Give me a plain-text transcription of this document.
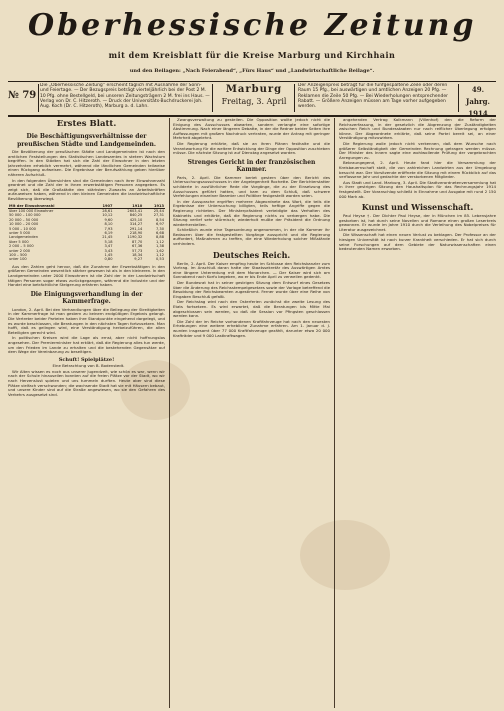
Oberhessische Zeitung
mit dem Kreisblatt für die Kreise Marburg und Kirchhain
und den Beilagen: „Nach Feierabend“, „Fürs Haus“ und „Landwirtschaftliche Beilage“.
№ 79
Die „Oberhessische Zeitung“ erscheint täglich mit Ausnahme der Sonn- und Feiertage. — Der Bezugspreis beträgt vierteljährlich bei der Post 2 M. 10 Pfg. ohne Bestellgeld, bei unseren Zeitungsträgern 2 M. frei ins Haus. — Verlag von Dr. C. Hitzeroth. — Druck der Universitäts-Buchdruckerei Joh. Aug. Koch (Dr. C. Hitzeroth), Marburg a. d. Lahn.
Marburg
Freitag, 3. April
Der Anzeigenpreis beträgt für die fünfgespaltene Zeile oder deren Raum 15 Pfg., bei auswärtigen und amtlichen Anzeigen 20 Pfg. — Reklamen die Zeile 50 Pfg. — Bei Wiederholungen entsprechender Rabatt. — Größere Anzeigen müssen am Tage vorher aufgegeben werden.
49. Jahrg.
1914
Erstes Blatt.
Die Beschäftigungsverhältnisse der preußischen Städte und Landgemeinden.

Die Bevölkerung der preußischen Städte und Landgemeinden ist nach den amtlichen Feststellungen des Statistischen Landesamtes in stetem Wachstum begriffen. In den Städten hat sich die Zahl der Einwohner in den letzten Jahrzehnten erheblich vermehrt, während die ländlichen Gemeinden teilweise einen Rückgang aufweisen. Die Ergebnisse der Berufszählung geben hierüber näheren Aufschluß.

In den folgenden Übersichten sind die Gemeinden nach ihrer Einwohnerzahl geordnet und die Zahl der in ihnen erwerbstätigen Personen angegeben. Es zeigt sich, daß die Großstädte den stärksten Zuwachs an Arbeitskräften aufzuweisen haben, während in den kleinen Gemeinden die landwirtschaftliche Bevölkerung überwiegt.

Mit der Einwohnerzahl	1907	1910	1913
über 100 000 Einwohner	28,61	2603,41	25,44
50 000 – 100 000	10,12	840,25	27,31
20 000 – 50 000	9,60	425,10	8,54
10 000 – 20 000	8,10	314,27	6,97
5 000 – 10 000	7,93	291,14	7,30
unter 5 000	6,19	218,90	6,68
Landgemeinden	21,45	1190,32	8,88
über 5 000	5,18	87,70	1,12
2 000 – 5 000	3,47	67,36	1,38
unter 2 000	3,43	57,73	1,62
100 – 500	1,45	18,34	1,12
unter 100	0,80	9,27	0,53

Aus den Zahlen geht hervor, daß die Zunahme der Erwerbstätigen in den größeren Gemeinden wesentlich stärker gewesen ist als in den kleineren. In den Landgemeinden unter 2000 Einwohnern ist die Zahl der in der Landwirtschaft tätigen Personen sogar etwas zurückgegangen, während die Industrie und der Handel eine beträchtliche Steigerung erfahren haben.

Die Einigungsverhandlung in der Kammerfrage.

London, 2. April. Bei den Verhandlungen über die Beilegung der Streitigkeiten in der Kammerfrage ist man gestern zu keinem endgültigen Ergebnis gelangt. Die Vertreter beider Parteien haben ihre Standpunkte eingehend dargelegt, und es wurde beschlossen, die Beratungen in den nächsten Tagen fortzusetzen. Man hofft, daß es gelingen wird, eine Verständigung herbeizuführen, die allen Beteiligten gerecht wird.

In politischen Kreisen wird die Lage als ernst, aber nicht hoffnungslos angesehen. Der Premierminister hat erklärt, daß die Regierung alles tun werde, um den Frieden im Lande zu erhalten und die bestehenden Gegensätze auf dem Wege der Vereinbarung zu beseitigen.

Schuft! Spielplätze!

Eine Betrachtung von B. Bodenstedt.

Wir Alten wissen es noch aus unserer Jugendzeit, wie schön es war, wenn wir nach der Schule hinauseilen konnten auf die freien Plätze vor der Stadt, wo wir nach Herzenslust spielen und uns tummeln durften. Heute aber sind diese Plätze vielfach verschwunden; die wachsende Stadt hat sie mit Häusern bebaut, und unsere Kinder sind auf die Straße angewiesen, wo sie den Gefahren des Verkehrs ausgesetzt sind.

Zwangsverwaltung zu gestellen. Die Opposition wollte jedoch nicht die Einigung des Ausschusses abwarten, sondern verlangte eine sofortige Abstimmung. Nach einer längeren Debatte, in der die Redner beider Seiten ihre Auffassungen mit großem Nachdruck vertraten, wurde der Antrag mit geringer Mehrheit abgelehnt.

Die Regierung erklärte, daß sie an ihren Plänen festhalte und die Verantwortung für die weitere Entwicklung der Dinge der Opposition zuschieben müsse. Die nächste Sitzung ist auf Dienstag angesetzt worden.

Strenges Gericht in der französischen Kammer.

Paris, 2. April. Die Kammer beriet gestern über den Bericht des Untersuchungsausschusses in der Angelegenheit Rochette. Der Berichterstatter schilderte in ausführlicher Rede die Vorgänge, die zu der Einsetzung des Ausschusses geführt hatten, und kam zu dem Schluß, daß schwere Verfehlungen einzelner Beamter und Politiker festgestellt worden seien.

In der Aussprache ergriffen mehrere Abgeordnete das Wort, die teils die Ergebnisse der Untersuchung billigten, teils heftige Angriffe gegen die Regierung richteten. Der Ministerpräsident verteidigte das Verhalten des Kabinetts und erklärte, daß die Regierung nichts zu verbergen habe. Die Sitzung verlief sehr stürmisch; wiederholt mußte der Präsident die Ordnung wiederherstellen.

Schließlich wurde eine Tagesordnung angenommen, in der die Kammer ihr Bedauern über die festgestellten Vorgänge ausspricht und die Regierung auffordert, Maßnahmen zu treffen, die eine Wiederholung solcher Mißstände verhindern.

Deutsches Reich.

Berlin, 2. April. Der Kaiser empfing heute im Schlosse den Reichskanzler zum Vortrag. Im Anschluß daran hatte der Staatssekretär des Auswärtigen Amtes eine längere Unterredung mit dem Monarchen. — Der Kaiser wird sich am Sonnabend nach Korfu begeben, wo er bis Ende April zu verweilen gedenkt.

Der Bundesrat hat in seiner gestrigen Sitzung dem Entwurf eines Gesetzes über die Änderung des Reichsstempelgesetzes sowie der Vorlage betreffend die Besoldung der Reichsbeamten zugestimmt. Ferner wurde über eine Reihe von Eingaben Beschluß gefaßt.

Der Reichstag wird nach den Osterferien zunächst die zweite Lesung des Etats fortsetzen. Es wird erwartet, daß die Beratungen bis Mitte Mai abgeschlossen sein werden, so daß die Session vor Pfingsten geschlossen werden kann.

Die Zahl der im Reiche vorhandenen Kraftfahrzeuge hat nach den neuesten Erhebungen eine weitere erhebliche Zunahme erfahren. Am 1. Januar d. J. wurden insgesamt über 77 000 Kraftfahrzeuge gezählt, darunter etwa 20 000 Krafträder und 9 000 Lastkraftwagen.

angehenden Vertrag Kolkmann (Villenhof) den die Reform der Reichsverfassung, in der gesetzlich die Abgrenzung der Zuständigkeiten zwischen Reich und Bundesstaaten nur nach reiflicher Überlegung erfolgen könne. Der Abgeordnete erklärte, daß seine Partei bereit sei, an einer Verständigung mitzuwirken.

Die Regierung wolle jedoch nicht verkennen, daß dem Wunsche nach größerer Selbständigkeit der Gemeinden Rechnung getragen werden müsse. Der Minister des Innern sagte eine wohlwollende Prüfung der vorgebrachten Anregungen zu.

Bebraungegend, 2. April. Heute fand hier die Versammlung der Kreisbauernschaft statt, die von zahlreichen Landwirten aus der Umgebung besucht war. Der Vorsitzende eröffnete die Sitzung mit einem Rückblick auf das verflossene Jahr und gedachte der verstorbenen Mitglieder.

Aus Stadt und Land. Marburg, 3. April. Die Stadtverordnetenversammlung hat in ihrer gestrigen Sitzung den Haushaltsplan für das Rechnungsjahr 1914 festgestellt. Der Voranschlag schließt in Einnahme und Ausgabe mit rund 2 150 000 Mark ab.

Kunst und Wissenschaft.

Paul Heyse †. Der Dichter Paul Heyse, der in München im 85. Lebensjahre gestorben ist, hat durch seine Novellen und Romane einen großen Leserkreis gewonnen. Er wurde im Jahre 1910 durch die Verleihung des Nobelpreises für Literatur ausgezeichnet.

Die Wissenschaft hat einen neuen Verlust zu beklagen. Der Professor an der hiesigen Universität ist nach kurzer Krankheit verschieden. Er hat sich durch seine Forschungen auf dem Gebiete der Naturwissenschaften einen bedeutenden Namen erworben.
